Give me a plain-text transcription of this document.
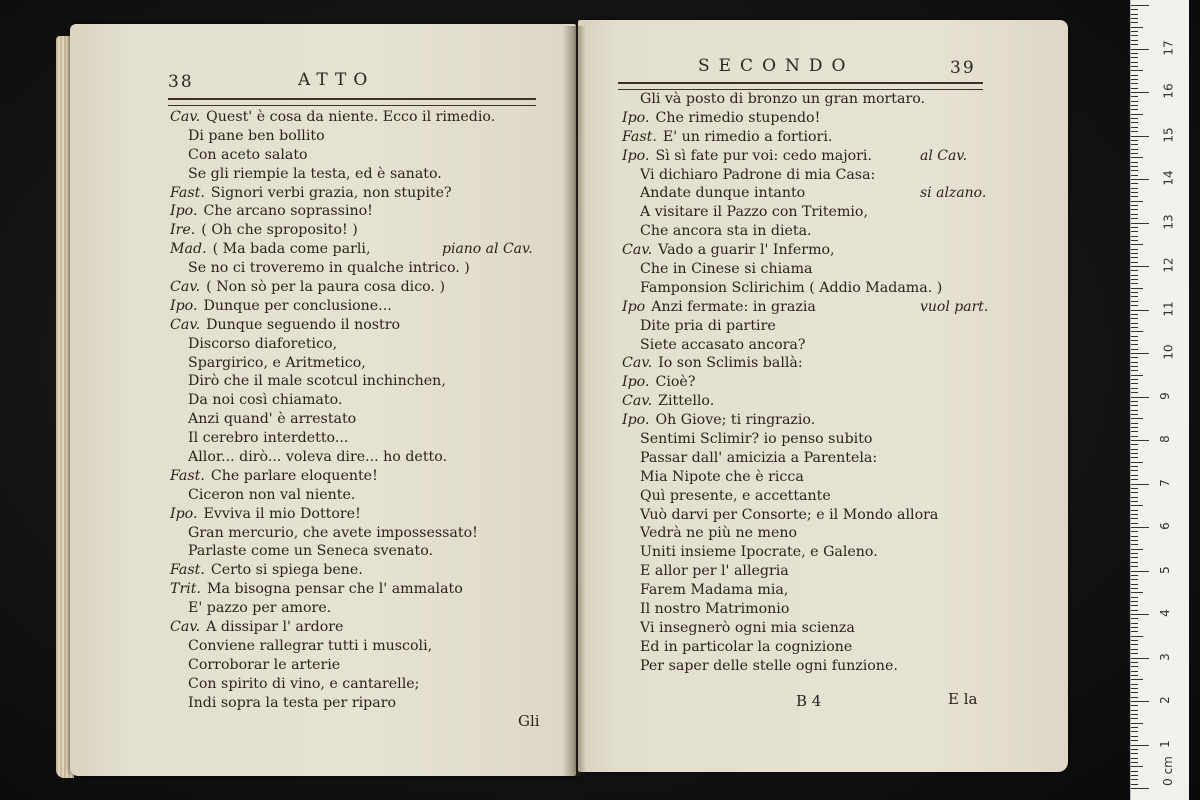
38	ATTO
Cav. Quest' è cosa da niente. Ecco il rimedio.
Di pane ben bollito
Con aceto salato
Se gli riempie la testa, ed è sanato.
Fast. Signori verbi grazia, non stupite?
Ipo. Che arcano soprassino!
Ire. ( Oh che sproposito! )
Mad. ( Ma bada come parli,	piano al Cav.
Se no ci troveremo in qualche intrico. )
Cav. ( Non sò per la paura cosa dico. )
Ipo. Dunque per conclusione...
Cav. Dunque seguendo il nostro
Discorso diaforetico,
Spargirico, e Aritmetico,
Dirò che il male scotcul inchinchen,
Da noi così chiamato.
Anzi quand' è arrestato
Il cerebro interdetto...
Allor... dirò... voleva dire... ho detto.
Fast. Che parlare eloquente!
Ciceron non val niente.
Ipo. Evviva il mio Dottore!
Gran mercurio, che avete impossessato!
Parlaste come un Seneca svenato.
Fast. Certo si spiega bene.
Trit. Ma bisogna pensar che l' ammalato
E' pazzo per amore.
Cav. A dissipar l' ardore
Conviene rallegrar tutti i muscoli,
Corroborar le arterie
Con spirito di vino, e cantarelle;
Indi sopra la testa per riparo
Gli
SECONDO	39
Gli và posto di bronzo un gran mortaro.
Ipo. Che rimedio stupendo!
Fast. E' un rimedio a fortiori.
Ipo. Sì sì fate pur voi: cedo majori.	al Cav.
Vi dichiaro Padrone di mia Casa:
Andate dunque intanto	si alzano.
A visitare il Pazzo con Tritemio,
Che ancora sta in dieta.
Cav. Vado a guarir l' Infermo,
Che in Cinese si chiama
Famponsion Sclirichim ( Addio Madama. )
Ipo Anzi fermate: in grazia	vuol part.
Dite pria di partire
Siete accasato ancora?
Cav. Io son Sclimis ballà:
Ipo. Cioè?
Cav. Zittello.
Ipo. Oh Giove; ti ringrazio.
Sentimi Sclimir? io penso subito
Passar dall' amicizia a Parentela:
Mia Nipote che è ricca
Quì presente, e accettante
Vuò darvi per Consorte; e il Mondo allora
Vedrà ne più ne meno
Uniti insieme Ipocrate, e Galeno.
E allor per l' allegria
Farem Madama mia,
Il nostro Matrimonio
Vi insegnerò ogni mia scienza
Ed in particolar la cognizione
Per saper delle stelle ogni funzione.
B 4	E la
0 cm
1
2
3
4
5
6
7
8
9
10
11
12
13
14
15
16
17
